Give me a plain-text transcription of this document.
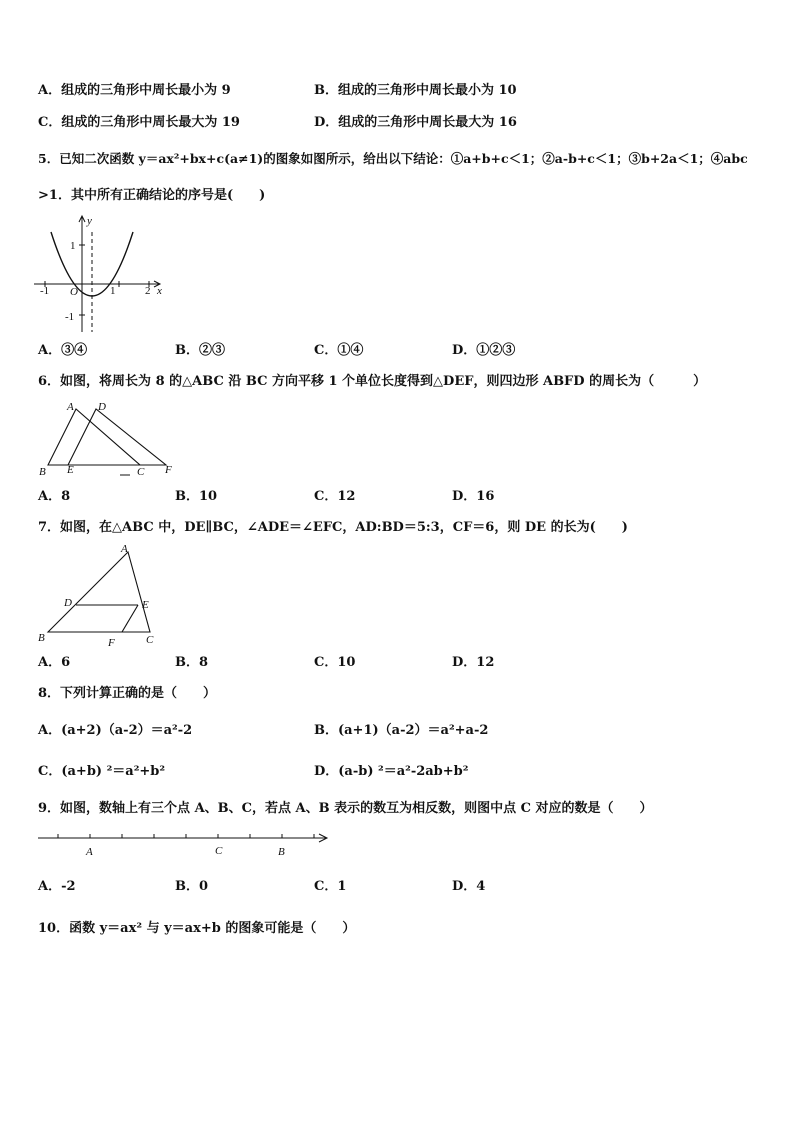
A．组成的三角形中周长最小为 9	B．组成的三角形中周长最小为 10
C．组成的三角形中周长最大为 19	D．组成的三角形中周长最大为 16
5．已知二次函数 y＝ax²+bx+c(a≠1)的图象如图所示，给出以下结论：①a+b+c＜1；②a-b+c＜1；③b+2a＜1；④abc
>1．其中所有正确结论的序号是(　　)
y
x
O
-1	1	2
1
-1
A．③④	B．②③	C．①④	D．①②③
6．如图，将周长为 8 的△ABC 沿 BC 方向平移 1 个单位长度得到△DEF，则四边形 ABFD 的周长为（　　　）
A D
B E	C F
A．8	B．10	C．12	D．16
7．如图，在△ABC 中，DE∥BC，∠ADE＝∠EFC，AD:BD＝5:3，CF＝6，则 DE 的长为(　　)
A
D	E
B	F	C
A．6	B．8	C．10	D．12
8．下列计算正确的是（　　）
A．(a+2)（a-2）＝a²-2	B．(a+1)（a-2）＝a²+a-2
C．(a+b) ²＝a²+b²	D．(a-b) ²＝a²-2ab+b²
9．如图，数轴上有三个点 A、B、C，若点 A、B 表示的数互为相反数，则图中点 C 对应的数是（　　）
A	C	B
A．-2	B．0	C．1	D．4
10．函数 y＝ax² 与 y＝ax+b 的图象可能是（　　）
